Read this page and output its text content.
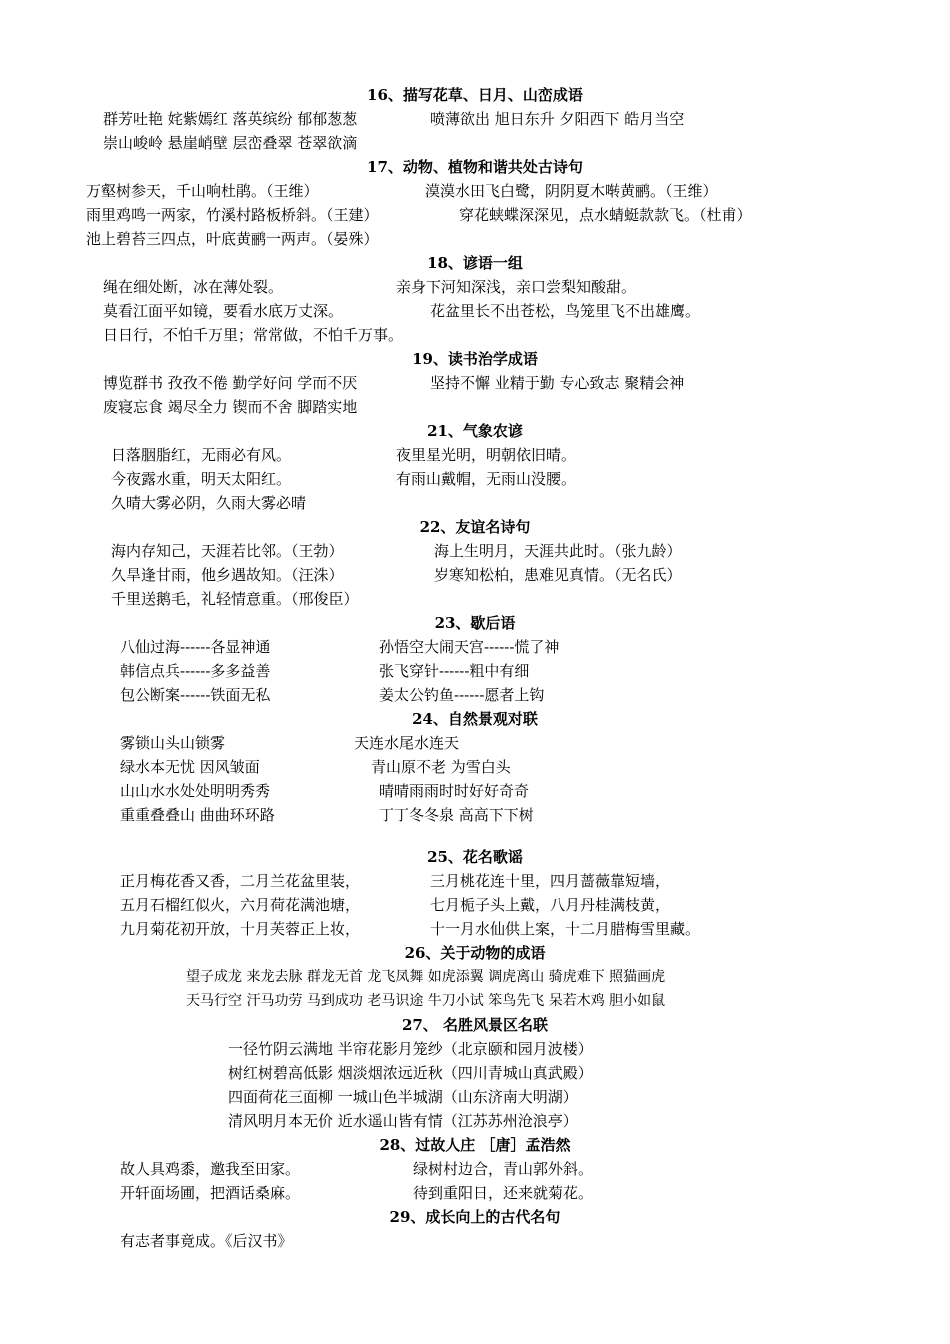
16、描写花草、日月、山峦成语
群芳吐艳 姹紫嫣红 落英缤纷 郁郁葱葱	喷薄欲出 旭日东升 夕阳西下 皓月当空
崇山峻岭 悬崖峭壁 层峦叠翠 苍翠欲滴
17、动物、植物和谐共处古诗句
万壑树参天，千山响杜鹃。（王维）	漠漠水田飞白鹭，阴阴夏木啭黄鹂。（王维）
雨里鸡鸣一两家，竹溪村路板桥斜。（王建）	穿花蛱蝶深深见，点水蜻蜓款款飞。（杜甫）
池上碧苔三四点，叶底黄鹂一两声。（晏殊）
18、谚语一组
绳在细处断，冰在薄处裂。	亲身下河知深浅，亲口尝梨知酸甜。
莫看江面平如镜，要看水底万丈深。	花盆里长不出苍松，鸟笼里飞不出雄鹰。
日日行，不怕千万里；常常做，不怕千万事。
19、读书治学成语
博览群书 孜孜不倦 勤学好问 学而不厌	坚持不懈 业精于勤 专心致志 聚精会神
废寝忘食 竭尽全力 锲而不舍 脚踏实地
21、气象农谚
日落胭脂红，无雨必有风。	夜里星光明，明朝依旧晴。
今夜露水重，明天太阳红。	有雨山戴帽，无雨山没腰。
久晴大雾必阴，久雨大雾必晴
22、友谊名诗句
海内存知己，天涯若比邻。（王勃）	海上生明月，天涯共此时。（张九龄）
久旱逢甘雨，他乡遇故知。（汪洙）	岁寒知松柏，患难见真情。（无名氏）
千里送鹅毛，礼轻情意重。（邢俊臣）
23、歇后语
八仙过海------各显神通	孙悟空大闹天宫------慌了神
韩信点兵------多多益善	张飞穿针------粗中有细
包公断案------铁面无私	姜太公钓鱼------愿者上钩
24、自然景观对联
雾锁山头山锁雾	天连水尾水连天
绿水本无忧 因风皱面	青山原不老 为雪白头
山山水水处处明明秀秀	晴晴雨雨时时好好奇奇
重重叠叠山 曲曲环环路	丁丁冬冬泉 高高下下树
25、花名歌谣
正月梅花香又香，二月兰花盆里装，	三月桃花连十里，四月蔷薇靠短墙，
五月石榴红似火，六月荷花满池塘，	七月栀子头上戴，八月丹桂满枝黄，
九月菊花初开放，十月芙蓉正上妆，	十一月水仙供上案，十二月腊梅雪里藏。
26、关于动物的成语
望子成龙 来龙去脉 群龙无首 龙飞凤舞 如虎添翼 调虎离山 骑虎难下 照猫画虎
天马行空 汗马功劳 马到成功 老马识途 牛刀小试 笨鸟先飞 呆若木鸡 胆小如鼠
27、 名胜风景区名联
一径竹阴云满地 半帘花影月笼纱（北京颐和园月波楼）
树红树碧高低影 烟淡烟浓远近秋（四川青城山真武殿）
四面荷花三面柳 一城山色半城湖（山东济南大明湖）
清风明月本无价 近水遥山皆有情（江苏苏州沧浪亭）
28、过故人庄 ［唐］孟浩然
故人具鸡黍，邀我至田家。	绿树村边合，青山郭外斜。
开轩面场圃，把酒话桑麻。	待到重阳日，还来就菊花。
29、成长向上的古代名句
有志者事竟成。《后汉书》
